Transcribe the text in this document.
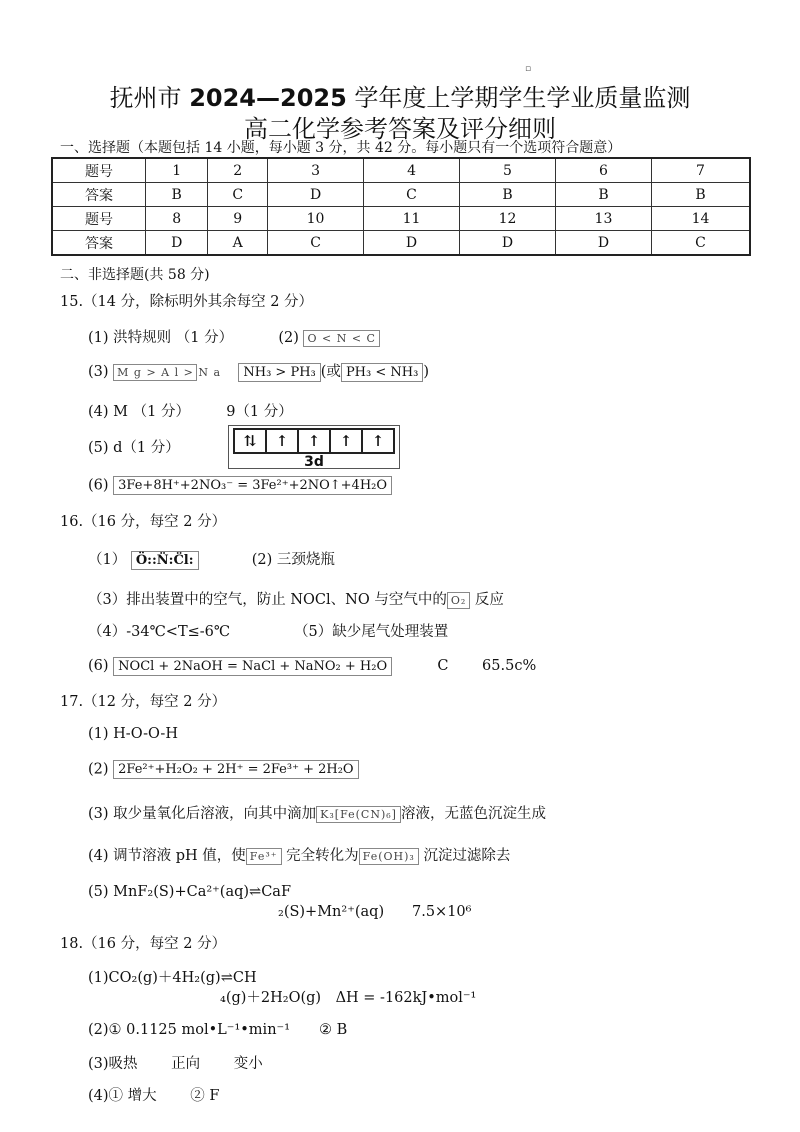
▫
抚州市 2024—2025 学年度上学期学生学业质量监测
高二化学参考答案及评分细则
一、选择题（本题包括 14 小题，每小题 3 分，共 42 分。每小题只有一个选项符合题意）
题号	1	2	3	4	5	6	7
答案	B	C	D	C	B	B	B
题号	8	9	10	11	12	13	14
答案	D	A	C	D	D	D	C
二、非选择题(共 58 分)
15.（14 分，除标明外其余每空 2 分）
(1) 洪特规则 （1 分）	(2) O < N < C
(3) M g > A l > N a NH₃ > PH₃ (或 PH₃ < NH₃ )
(4) M （1 分）　　　9（1 分）
(5) d（1 分）	⇅	↑	↑	↑	↑
3d
(6) 3Fe+8H⁺+2NO₃⁻ = 3Fe²⁺+2NO↑+4H₂O
16.（16 分，每空 2 分）
（1） Ö::N̈:C̈l:	(2) 三颈烧瓶
（3）排出装置中的空气，防止 NOCl、NO 与空气中的 O₂ 反应
（4）-34℃<T≤-6℃	（5）缺少尾气处理装置
(6) NOCl + 2NaOH = NaCl + NaNO₂ + H₂O	C　　 65.5c%
17.（12 分，每空 2 分）
(1) H-O-O-H
(2) 2Fe²⁺+H₂O₂ + 2H⁺ = 2Fe³⁺ + 2H₂O
(3) 取少量氧化后溶液，向其中滴加 K₃[Fe(CN)₆] 溶液，无蓝色沉淀生成
(4) 调节溶液 pH 值，使 Fe³⁺ 完全转化为 Fe(OH)₃ 沉淀过滤除去
(5) MnF₂(S)+Ca²⁺(aq)⇌CaF
₂(S)+Mn²⁺(aq) 7.5×10⁶
18.（16 分，每空 2 分）
(1)CO₂(g)＋4H₂(g)⇌CH
₄(g)＋2H₂O(g)　ΔH = -162kJ•mol⁻¹
(2)① 0.1125 mol•L⁻¹•min⁻¹　　② B
(3)吸热　　 正向　　 变小
(4)① 增大　　 ② F
